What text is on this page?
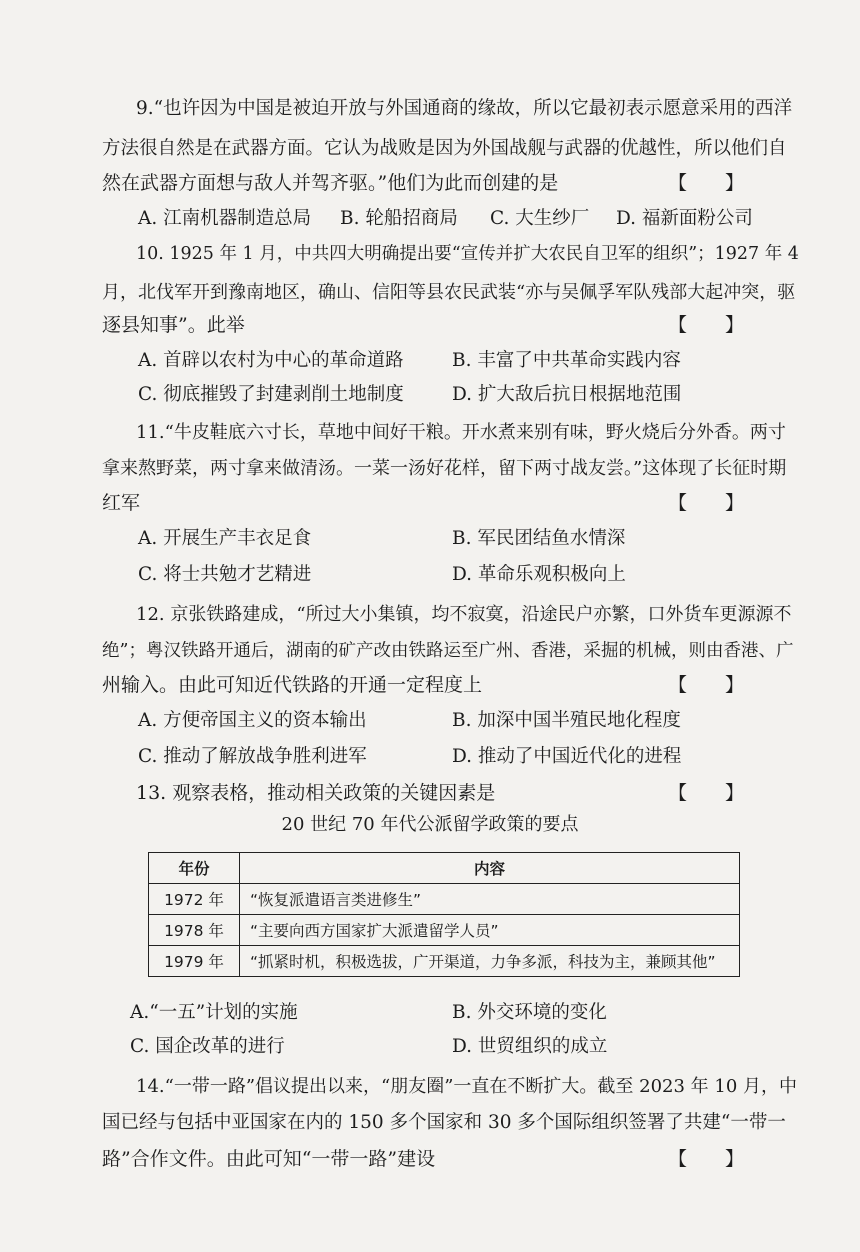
9.“也许因为中国是被迫开放与外国通商的缘故，所以它最初表示愿意采用的西洋
方法很自然是在武器方面。它认为战败是因为外国战舰与武器的优越性，所以他们自
然在武器方面想与敌人并驾齐驱。”他们为此而创建的是	【　　】
A. 江南机器制造总局 B. 轮船招商局 C. 大生纱厂 D. 福新面粉公司
10. 1925 年 1 月，中共四大明确提出要“宣传并扩大农民自卫军的组织”；1927 年 4
月，北伐军开到豫南地区，确山、信阳等县农民武装“亦与吴佩孚军队残部大起冲突，驱
逐县知事”。此举	【　　】
A. 首辟以农村为中心的革命道路	B. 丰富了中共革命实践内容
C. 彻底摧毁了封建剥削土地制度	D. 扩大敌后抗日根据地范围
11.“牛皮鞋底六寸长，草地中间好干粮。开水煮来别有味，野火烧后分外香。两寸
拿来熬野菜，两寸拿来做清汤。一菜一汤好花样，留下两寸战友尝。”这体现了长征时期
红军	【　　】
A. 开展生产丰衣足食	B. 军民团结鱼水情深
C. 将士共勉才艺精进	D. 革命乐观积极向上
12. 京张铁路建成，“所过大小集镇，均不寂寞，沿途民户亦繁，口外货车更源源不
绝”；粤汉铁路开通后，湖南的矿产改由铁路运至广州、香港，采掘的机械，则由香港、广
州输入。由此可知近代铁路的开通一定程度上	【　　】
A. 方便帝国主义的资本输出	B. 加深中国半殖民地化程度
C. 推动了解放战争胜利进军	D. 推动了中国近代化的进程
13. 观察表格，推动相关政策的关键因素是	【　　】
20 世纪 70 年代公派留学政策的要点
年份	内容
1972 年	“恢复派遣语言类进修生”
1978 年	“主要向西方国家扩大派遣留学人员”
1979 年	“抓紧时机，积极选拔，广开渠道，力争多派，科技为主，兼顾其他”
A.“一五”计划的实施	B. 外交环境的变化
C. 国企改革的进行	D. 世贸组织的成立
14.“一带一路”倡议提出以来，“朋友圈”一直在不断扩大。截至 2023 年 10 月，中
国已经与包括中亚国家在内的 150 多个国家和 30 多个国际组织签署了共建“一带一
路”合作文件。由此可知“一带一路”建设	【　　】
